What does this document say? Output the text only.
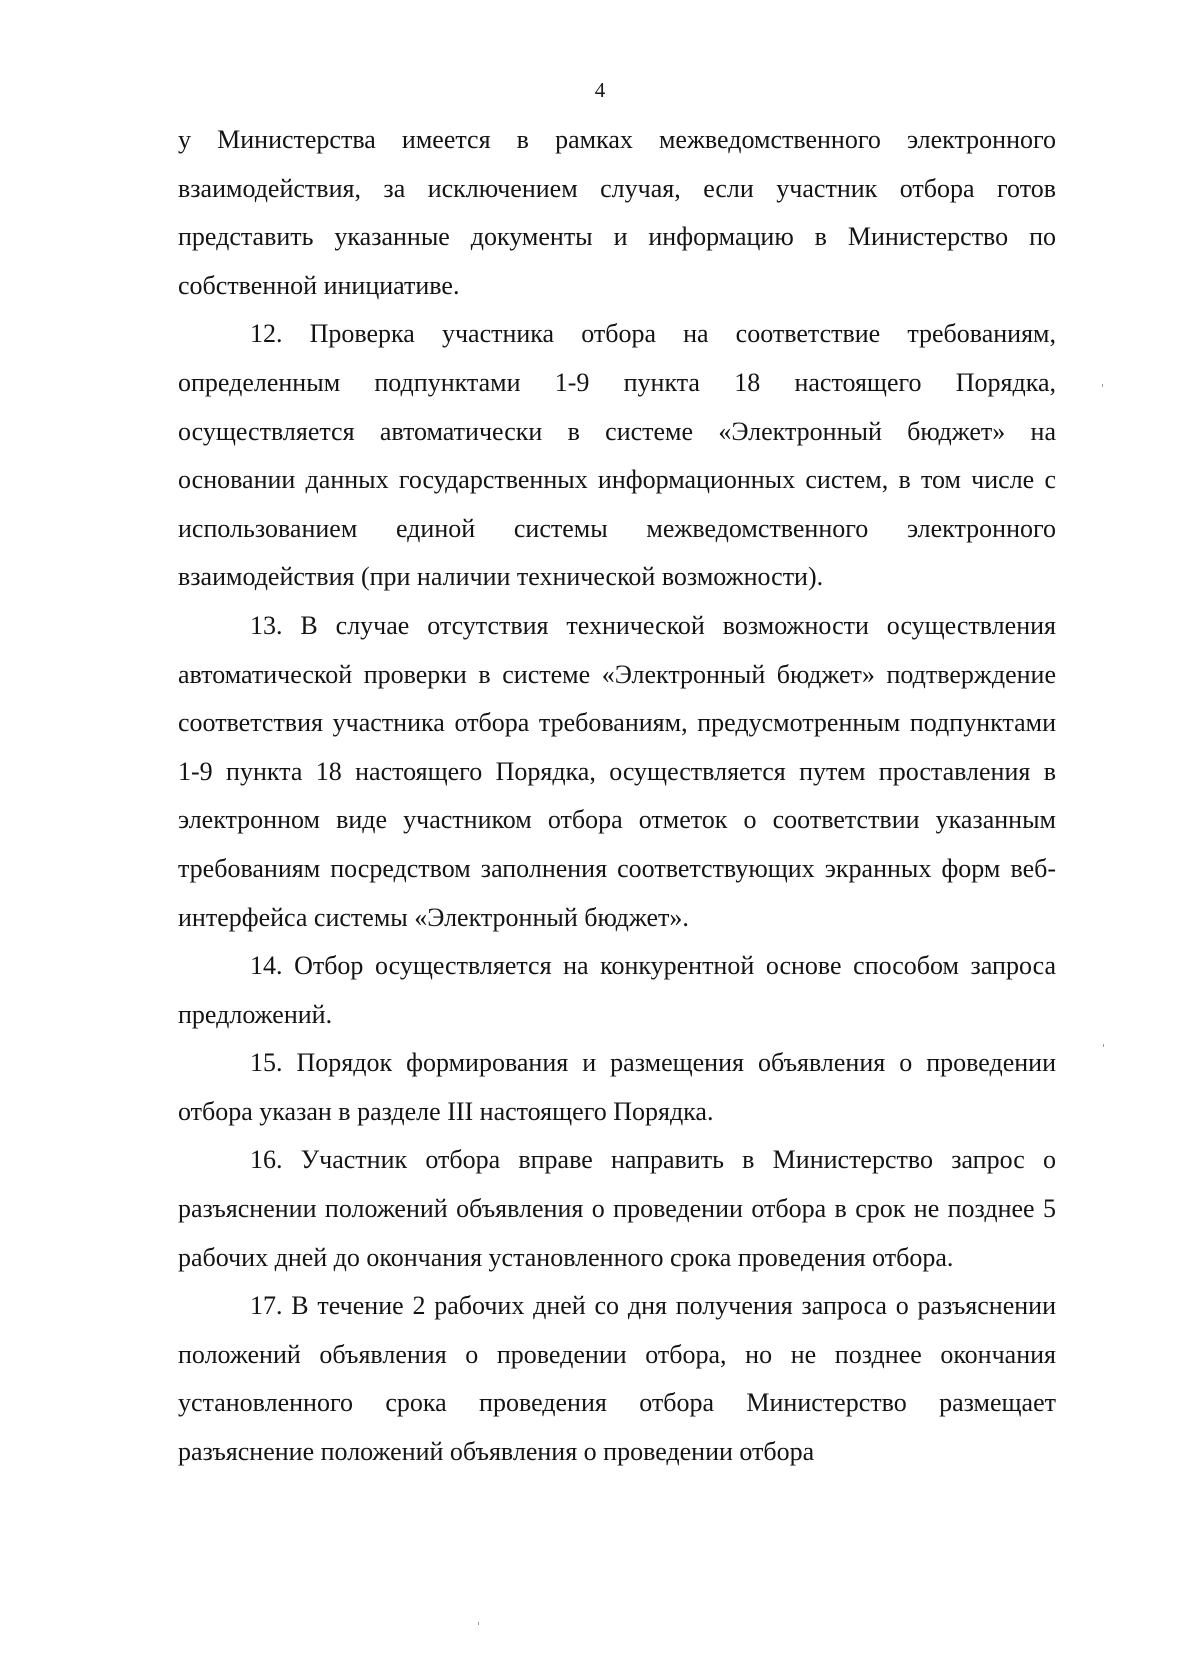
4

у Министерства имеется в рамках межведомственного электронного взаимодействия, за исключением случая, если участник отбора готов представить указанные документы и информацию в Министерство по собственной инициативе.

12. Проверка участника отбора на соответствие требованиям, определенным подпунктами 1-9 пункта 18 настоящего Порядка, осуществляется автоматически в системе «Электронный бюджет» на основании данных государственных информационных систем, в том числе с использованием единой системы межведомственного электронного взаимодействия (при наличии технической возможности).

13. В случае отсутствия технической возможности осуществления автоматической проверки в системе «Электронный бюджет» подтверждение соответствия участника отбора требованиям, предусмотренным подпунктами 1-9 пункта 18 настоящего Порядка, осуществляется путем проставления в электронном виде участником отбора отметок о соответствии указанным требованиям посредством заполнения соответствующих экранных форм веб-интерфейса системы «Электронный бюджет».

14. Отбор осуществляется на конкурентной основе способом запроса предложений.

15. Порядок формирования и размещения объявления о проведении отбора указан в разделе III настоящего Порядка.

16. Участник отбора вправе направить в Министерство запрос о разъяснении положений объявления о проведении отбора в срок не позднее 5 рабочих дней до окончания установленного срока проведения отбора.

17. В течение 2 рабочих дней со дня получения запроса о разъяснении положений объявления о проведении отбора, но не позднее окончания установленного срока проведения отбора Министерство размещает разъяснение положений объявления о проведении отбора
